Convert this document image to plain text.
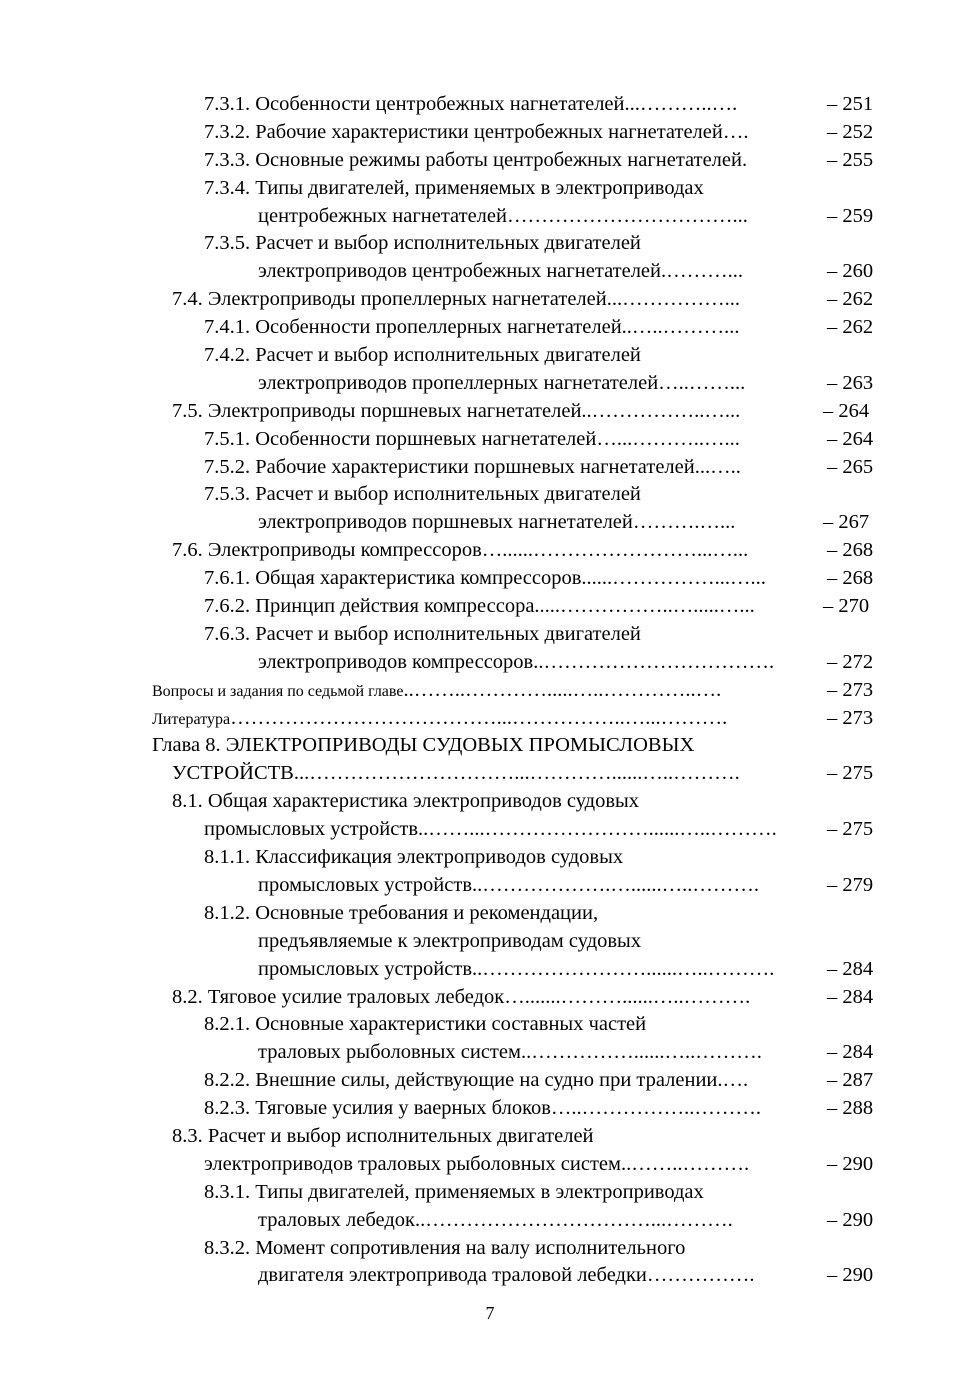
7.3.1. Особенности центробежных нагнетателей...………..….	– 251
7.3.2. Рабочие характеристики центробежных нагнетателей….	– 252
7.3.3. Основные режимы работы центробежных нагнетателей.	– 255
7.3.4. Типы двигателей, применяемых в электроприводах
центробежных нагнетателей……………………………...	– 259
7.3.5. Расчет и выбор исполнительных двигателей
электроприводов центробежных нагнетателей.………...	– 260
7.4. Электроприводы пропеллерных нагнетателей...……………...	– 262
7.4.1. Особенности пропеллерных нагнетателей..…..………...	– 262
7.4.2. Расчет и выбор исполнительных двигателей
электроприводов пропеллерных нагнетателей…..……...	– 263
7.5. Электроприводы поршневых нагнетателей..……………..…...	– 264
7.5.1. Особенности поршневых нагнетателей…...………..…...	– 264
7.5.2. Рабочие характеристики поршневых нагнетателей...…..	– 265
7.5.3. Расчет и выбор исполнительных двигателей
электроприводов поршневых нагнетателей……….…...	– 267
7.6. Электроприводы компрессоров…......……………………...…...	– 268
7.6.1. Общая характеристика компрессоров......……………...…...	– 268
7.6.2. Принцип действия компрессора.....……………..….....…...	– 270
7.6.3. Расчет и выбор исполнительных двигателей
электроприводов компрессоров..…………………………….	– 272
Вопросы и задания по седьмой главе..……..………….....…..…………..….	– 273
Литература…………………………………...……………..…...……….	– 273
Глава 8. ЭЛЕКТРОПРИВОДЫ СУДОВЫХ ПРОМЫСЛОВЫХ
УСТРОЙСТВ...…………………………...…………......…..……….	– 275
8.1. Общая характеристика электроприводов судовых
промысловых устройств..……...……………………......…..………. – 275
8.1.1. Классификация электроприводов судовых
промысловых устройств..……………….…......…..……….	– 279
8.1.2. Основные требования и рекомендации,
предъявляемые к электроприводам судовых
промысловых устройств..……………………......…..……….	– 284
8.2. Тяговое усилие траловых лебедок….......………......…..……….	– 284
8.2.1. Основные характеристики составных частей
траловых рыболовных систем..……………......…..……….	– 284
8.2.2. Внешние силы, действующие на судно при тралении.….	– 287
8.2.3. Тяговые усилия у ваерных блоков…..……………..……….	– 288
8.3. Расчет и выбор исполнительных двигателей
электроприводов траловых рыболовных систем..……..……….	– 290
8.3.1. Типы двигателей, применяемых в электроприводах
траловых лебедок..……………………………...……….	– 290
8.3.2. Момент сопротивления на валу исполнительного
двигателя электропривода траловой лебедки…………….	– 290
7
